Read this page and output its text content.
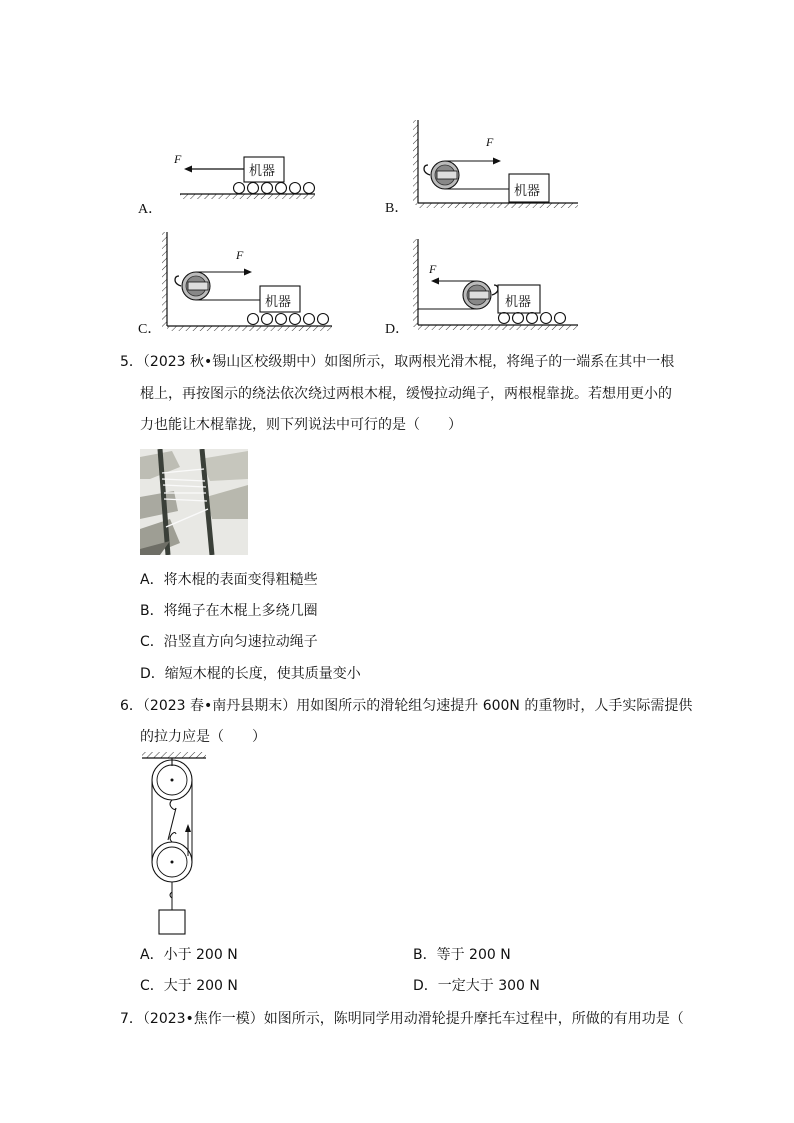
F
机器
A．
F
机器
B．
F
机器
C．
F
机器
D．
5．（2023 秋•锡山区校级期中）如图所示，取两根光滑木棍，将绳子的一端系在其中一根
棍上，再按图示的绕法依次绕过两根木棍，缓慢拉动绳子，两根棍靠拢。若想用更小的
力也能让木棍靠拢，则下列说法中可行的是（　　）
A．将木棍的表面变得粗糙些
B．将绳子在木棍上多绕几圈
C．沿竖直方向匀速拉动绳子
D．缩短木棍的长度，使其质量变小
6．（2023 春•南丹县期末）用如图所示的滑轮组匀速提升 600N 的重物时，人手实际需提供
的拉力应是（　　）
A．小于 200 N	B．等于 200 N
C．大于 200 N	D．一定大于 300 N
7．（2023•焦作一模）如图所示，陈明同学用动滑轮提升摩托车过程中，所做的有用功是（
